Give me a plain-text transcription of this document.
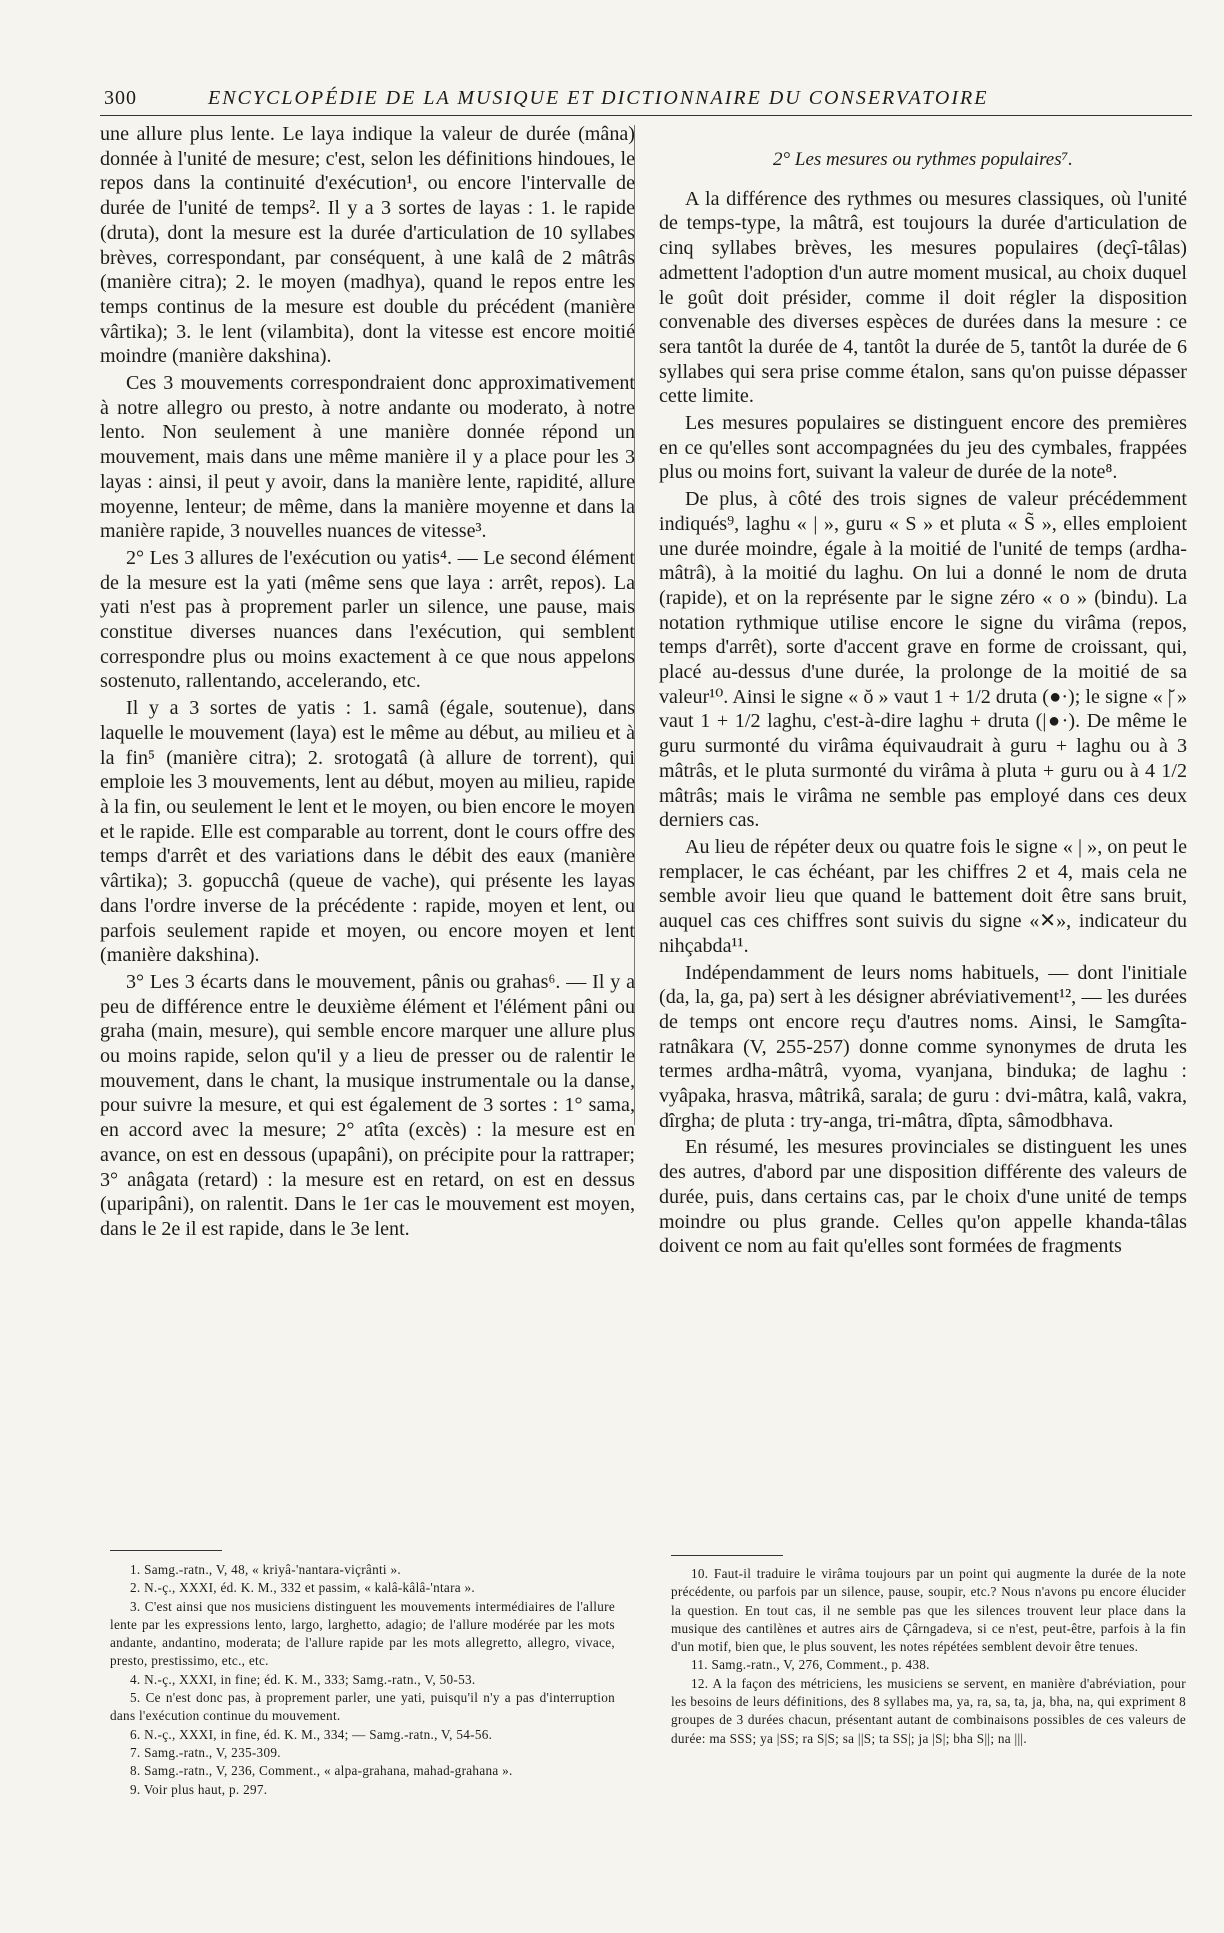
300	ENCYCLOPÉDIE DE LA MUSIQUE ET DICTIONNAIRE DU CONSERVATOIRE

une allure plus lente. Le laya indique la valeur de durée (mâna) donnée à l'unité de mesure; c'est, selon les définitions hindoues, le repos dans la continuité d'exécution¹, ou encore l'intervalle de durée de l'unité de temps². Il y a 3 sortes de layas : 1. le rapide (druta), dont la mesure est la durée d'articulation de 10 syllabes brèves, correspondant, par conséquent, à une kalâ de 2 mâtrâs (manière citra); 2. le moyen (madhya), quand le repos entre les temps continus de la mesure est double du précédent (manière vârtika); 3. le lent (vilambita), dont la vitesse est encore moitié moindre (manière dakshina).

Ces 3 mouvements correspondraient donc approximativement à notre allegro ou presto, à notre andante ou moderato, à notre lento. Non seulement à une manière donnée répond un mouvement, mais dans une même manière il y a place pour les 3 layas : ainsi, il peut y avoir, dans la manière lente, rapidité, allure moyenne, lenteur; de même, dans la manière moyenne et dans la manière rapide, 3 nouvelles nuances de vitesse³.

2° Les 3 allures de l'exécution ou yatis⁴. — Le second élément de la mesure est la yati (même sens que laya : arrêt, repos). La yati n'est pas à proprement parler un silence, une pause, mais constitue diverses nuances dans l'exécution, qui semblent correspondre plus ou moins exactement à ce que nous appelons sostenuto, rallentando, accelerando, etc.

Il y a 3 sortes de yatis : 1. samâ (égale, soutenue), dans laquelle le mouvement (laya) est le même au début, au milieu et à la fin⁵ (manière citra); 2. srotogatâ (à allure de torrent), qui emploie les 3 mouvements, lent au début, moyen au milieu, rapide à la fin, ou seulement le lent et le moyen, ou bien encore le moyen et le rapide. Elle est comparable au torrent, dont le cours offre des temps d'arrêt et des variations dans le débit des eaux (manière vârtika); 3. gopucchâ (queue de vache), qui présente les layas dans l'ordre inverse de la précédente : rapide, moyen et lent, ou parfois seulement rapide et moyen, ou encore moyen et lent (manière dakshina).

3° Les 3 écarts dans le mouvement, pânis ou grahas⁶. — Il y a peu de différence entre le deuxième élément et l'élément pâni ou graha (main, mesure), qui semble encore marquer une allure plus ou moins rapide, selon qu'il y a lieu de presser ou de ralentir le mouvement, dans le chant, la musique instrumentale ou la danse, pour suivre la mesure, et qui est également de 3 sortes : 1° sama, en accord avec la mesure; 2° atîta (excès) : la mesure est en avance, on est en dessous (upapâni), on précipite pour la rattraper; 3° anâgata (retard) : la mesure est en retard, on est en dessus (uparipâni), on ralentit. Dans le 1er cas le mouvement est moyen, dans le 2e il est rapide, dans le 3e lent.

2° Les mesures ou rythmes populaires⁷.

A la différence des rythmes ou mesures classiques, où l'unité de temps-type, la mâtrâ, est toujours la durée d'articulation de cinq syllabes brèves, les mesures populaires (deçî-tâlas) admettent l'adoption d'un autre moment musical, au choix duquel le goût doit présider, comme il doit régler la disposition convenable des diverses espèces de durées dans la mesure : ce sera tantôt la durée de 4, tantôt la durée de 5, tantôt la durée de 6 syllabes qui sera prise comme étalon, sans qu'on puisse dépasser cette limite.

Les mesures populaires se distinguent encore des premières en ce qu'elles sont accompagnées du jeu des cymbales, frappées plus ou moins fort, suivant la valeur de durée de la note⁸.

De plus, à côté des trois signes de valeur précédemment indiqués⁹, laghu « | », guru « S » et pluta « S̃ », elles emploient une durée moindre, égale à la moitié de l'unité de temps (ardha-mâtrâ), à la moitié du laghu. On lui a donné le nom de druta (rapide), et on la représente par le signe zéro « o » (bindu). La notation rythmique utilise encore le signe du virâma (repos, temps d'arrêt), sorte d'accent grave en forme de croissant, qui, placé au-dessus d'une durée, la prolonge de la moitié de sa valeur¹⁰. Ainsi le signe « ŏ » vaut 1 + 1/2 druta (●·); le signe « |̆ » vaut 1 + 1/2 laghu, c'est-à-dire laghu + druta (|●·). De même le guru surmonté du virâma équivaudrait à guru + laghu ou à 3 mâtrâs, et le pluta surmonté du virâma à pluta + guru ou à 4 1/2 mâtrâs; mais le virâma ne semble pas employé dans ces deux derniers cas.

Au lieu de répéter deux ou quatre fois le signe « | », on peut le remplacer, le cas échéant, par les chiffres 2 et 4, mais cela ne semble avoir lieu que quand le battement doit être sans bruit, auquel cas ces chiffres sont suivis du signe «✕», indicateur du nihçabda¹¹.

Indépendamment de leurs noms habituels, — dont l'initiale (da, la, ga, pa) sert à les désigner abréviativement¹², — les durées de temps ont encore reçu d'autres noms. Ainsi, le Samgîta-ratnâkara (V, 255-257) donne comme synonymes de druta les termes ardha-mâtrâ, vyoma, vyanjana, binduka; de laghu : vyâpaka, hrasva, mâtrikâ, sarala; de guru : dvi-mâtra, kalâ, vakra, dîrgha; de pluta : try-anga, tri-mâtra, dîpta, sâmodbhava.

En résumé, les mesures provinciales se distinguent les unes des autres, d'abord par une disposition différente des valeurs de durée, puis, dans certains cas, par le choix d'une unité de temps moindre ou plus grande. Celles qu'on appelle khanda-tâlas doivent ce nom au fait qu'elles sont formées de fragments

1. Samg.-ratn., V, 48, « kriyâ-'nantara-viçrânti ».

2. N.-ç., XXXI, éd. K. M., 332 et passim, « kalâ-kâlâ-'ntara ».

3. C'est ainsi que nos musiciens distinguent les mouvements intermédiaires de l'allure lente par les expressions lento, largo, larghetto, adagio; de l'allure modérée par les mots andante, andantino, moderata; de l'allure rapide par les mots allegretto, allegro, vivace, presto, prestissimo, etc., etc.

4. N.-ç., XXXI, in fine; éd. K. M., 333; Samg.-ratn., V, 50-53.

5. Ce n'est donc pas, à proprement parler, une yati, puisqu'il n'y a pas d'interruption dans l'exécution continue du mouvement.

6. N.-ç., XXXI, in fine, éd. K. M., 334; — Samg.-ratn., V, 54-56.

7. Samg.-ratn., V, 235-309.

8. Samg.-ratn., V, 236, Comment., « alpa-grahana, mahad-grahana ».

9. Voir plus haut, p. 297.

10. Faut-il traduire le virâma toujours par un point qui augmente la durée de la note précédente, ou parfois par un silence, pause, soupir, etc.? Nous n'avons pu encore élucider la question. En tout cas, il ne semble pas que les silences trouvent leur place dans la musique des cantilènes et autres airs de Çârngadeva, si ce n'est, peut-être, parfois à la fin d'un motif, bien que, le plus souvent, les notes répétées semblent devoir être tenues.

11. Samg.-ratn., V, 276, Comment., p. 438.

12. A la façon des métriciens, les musiciens se servent, en manière d'abréviation, pour les besoins de leurs définitions, des 8 syllabes ma, ya, ra, sa, ta, ja, bha, na, qui expriment 8 groupes de 3 durées chacun, présentant autant de combinaisons possibles de ces valeurs de durée: ma SSS; ya |SS; ra S|S; sa ||S; ta SS|; ja |S|; bha S||; na |||.
